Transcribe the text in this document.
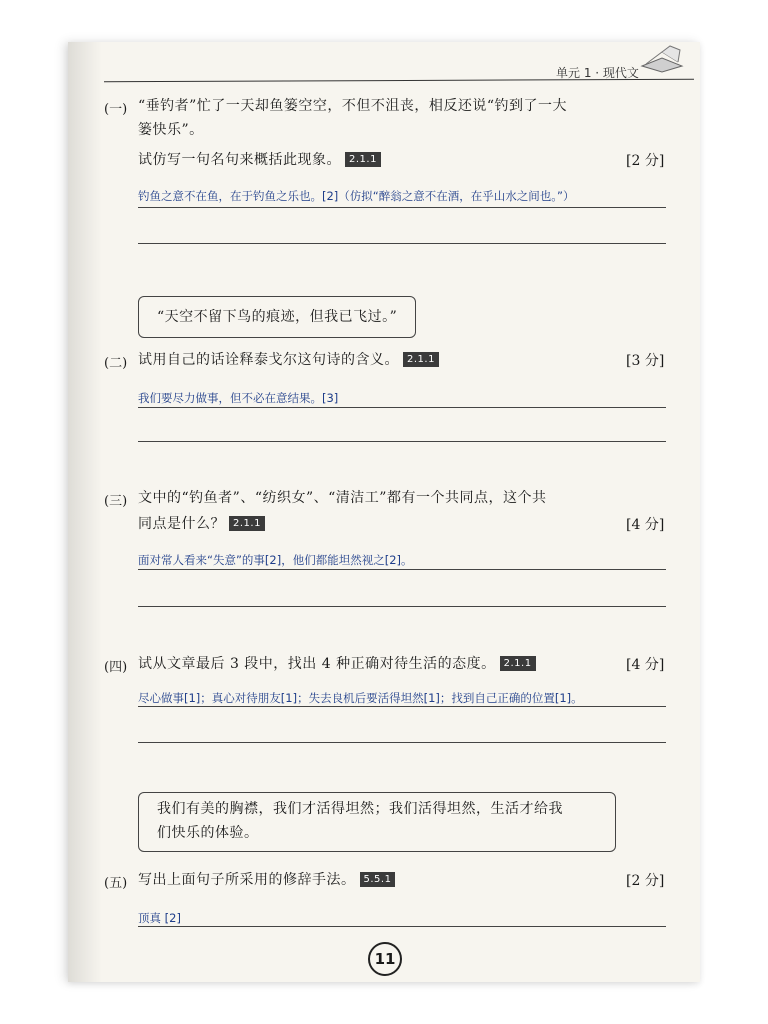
单元 1 · 现代文
(一) “垂钓者”忙了一天却鱼篓空空，不但不沮丧，相反还说“钓到了一大
篓快乐”。
试仿写一句名句来概括此现象。 2.1.1	[2 分]
钓鱼之意不在鱼，在于钓鱼之乐也。[2]（仿拟“醉翁之意不在酒，在乎山水之间也。”）
“天空不留下鸟的痕迹，但我已飞过。”
(二) 试用自己的话诠释泰戈尔这句诗的含义。 2.1.1	[3 分]
我们要尽力做事，但不必在意结果。[3]
(三) 文中的“钓鱼者”、“纺织女”、“清洁工”都有一个共同点，这个共
同点是什么？ 2.1.1	[4 分]
面对常人看来“失意”的事[2]，他们都能坦然视之[2]。
(四) 试从文章最后 3 段中，找出 4 种正确对待生活的态度。 2.1.1	[4 分]
尽心做事[1]；真心对待朋友[1]；失去良机后要活得坦然[1]；找到自己正确的位置[1]。
我们有美的胸襟，我们才活得坦然；我们活得坦然，生活才给我
们快乐的体验。
(五) 写出上面句子所采用的修辞手法。 5.5.1	[2 分]
顶真 [2]
11
